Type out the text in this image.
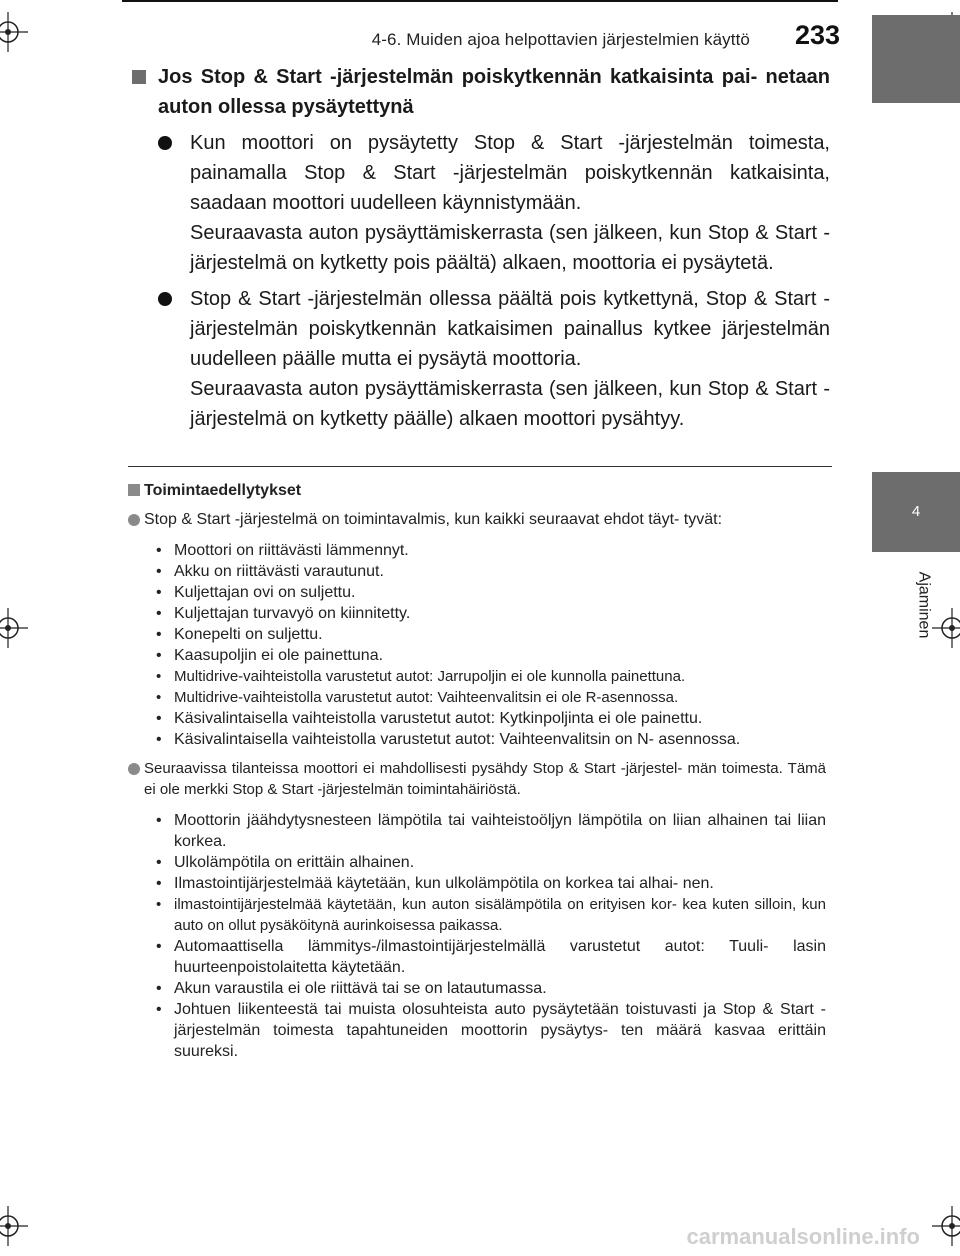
4-6. Muiden ajoa helpottavien järjestelmien käyttö	233
4
Ajaminen
Jos Stop & Start -järjestelmän poiskytkennän katkaisinta pai- netaan auton ollessa pysäytettynä

Kun moottori on pysäytetty Stop & Start -järjestelmän toimesta, painamalla Stop & Start -järjestelmän poiskytkennän katkaisinta, saadaan moottori uudelleen käynnistymään.

Seuraavasta auton pysäyttämiskerrasta (sen jälkeen, kun Stop & Start -järjestelmä on kytketty pois päältä) alkaen, moottoria ei pysäytetä.

Stop & Start -järjestelmän ollessa päältä pois kytkettynä, Stop & Start -järjestelmän poiskytkennän katkaisimen painallus kytkee järjestelmän uudelleen päälle mutta ei pysäytä moottoria.

Seuraavasta auton pysäyttämiskerrasta (sen jälkeen, kun Stop & Start -järjestelmä on kytketty päälle) alkaen moottori pysähtyy.

Toimintaedellytykset
Stop & Start -järjestelmä on toimintavalmis, kun kaikki seuraavat ehdot täyt- tyvät:
• Moottori on riittävästi lämmennyt.
• Akku on riittävästi varautunut.
• Kuljettajan ovi on suljettu.
• Kuljettajan turvavyö on kiinnitetty.
• Konepelti on suljettu.
• Kaasupoljin ei ole painettuna.
• Multidrive-vaihteistolla varustetut autot: Jarrupoljin ei ole kunnolla painettuna.
• Multidrive-vaihteistolla varustetut autot: Vaihteenvalitsin ei ole R-asennossa.
• Käsivalintaisella vaihteistolla varustetut autot: Kytkinpoljinta ei ole painettu.
• Käsivalintaisella vaihteistolla varustetut autot: Vaihteenvalitsin on N- asennossa.
Seuraavissa tilanteissa moottori ei mahdollisesti pysähdy Stop & Start -järjestel- män toimesta. Tämä ei ole merkki Stop & Start -järjestelmän toimintahäiriöstä.
• Moottorin jäähdytysnesteen lämpötila tai vaihteistoöljyn lämpötila on liian alhainen tai liian korkea.
• Ulkolämpötila on erittäin alhainen.
• Ilmastointijärjestelmää käytetään, kun ulkolämpötila on korkea tai alhai- nen.
• ilmastointijärjestelmää käytetään, kun auton sisälämpötila on erityisen kor- kea kuten silloin, kun auto on ollut pysäköitynä aurinkoisessa paikassa.
• Automaattisella lämmitys-/ilmastointijärjestelmällä varustetut autot: Tuuli- lasin huurteenpoistolaitetta käytetään.
• Akun varaustila ei ole riittävä tai se on latautumassa.
• Johtuen liikenteestä tai muista olosuhteista auto pysäytetään toistuvasti ja Stop & Start -järjestelmän toimesta tapahtuneiden moottorin pysäytys- ten määrä kasvaa erittäin suureksi.
carmanualsonline.info
